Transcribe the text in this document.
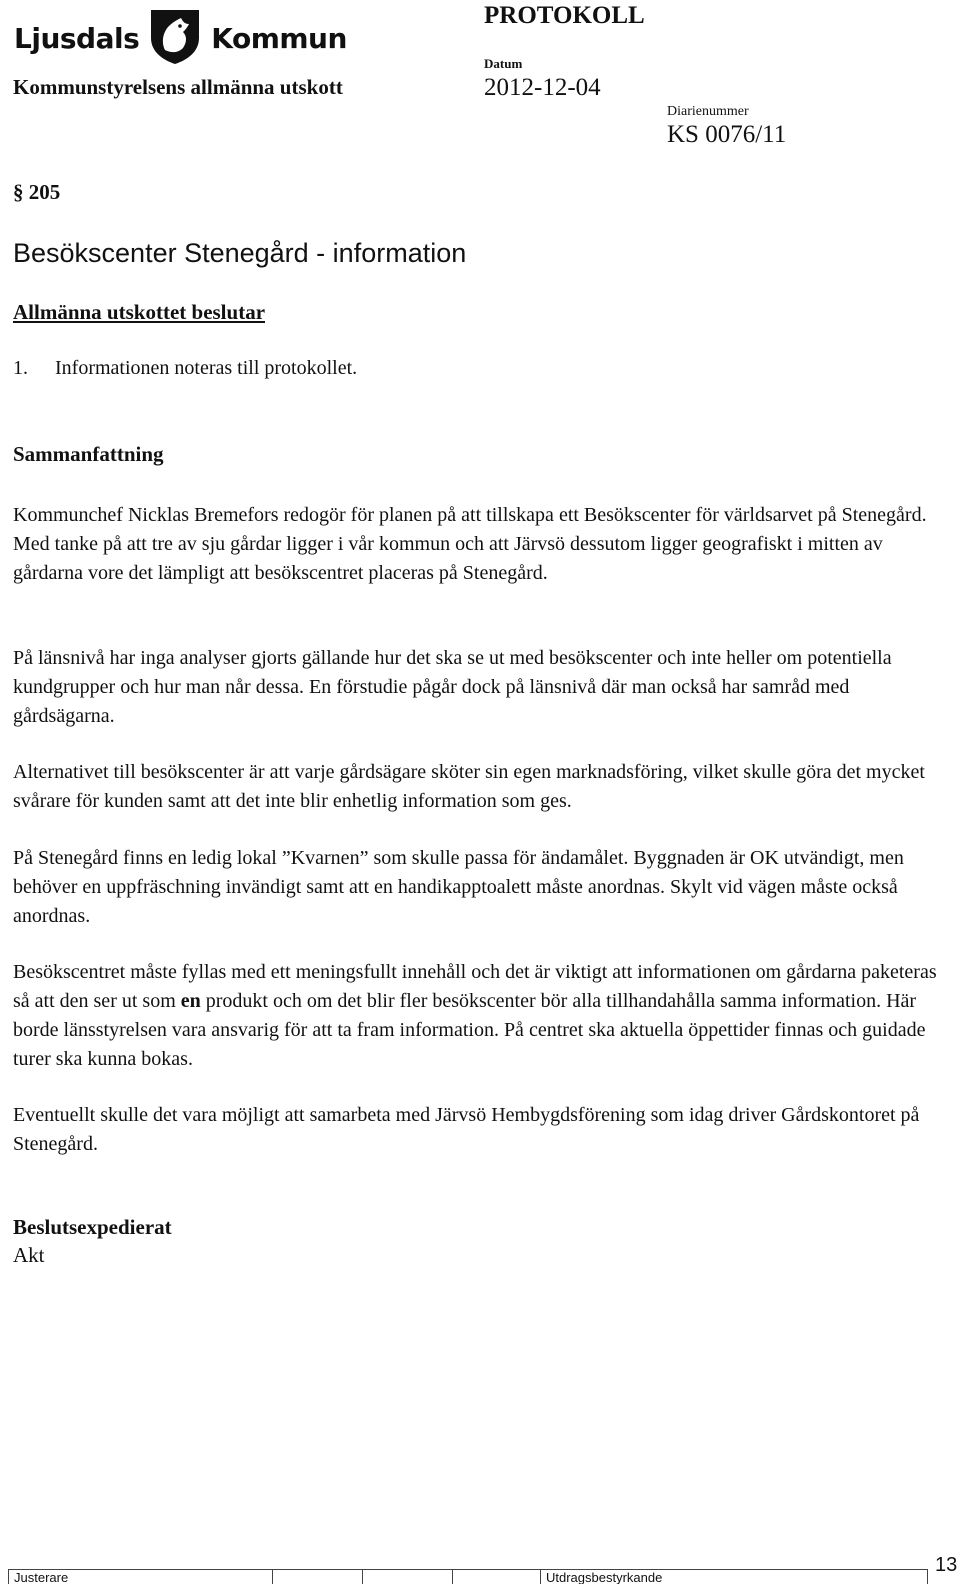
Ljusdals	Kommun
PROTOKOLL
Kommunstyrelsens allmänna utskott
Datum
2012-12-04
Diarienummer
KS 0076/11
§ 205
Besökscenter Stenegård - information
Allmänna utskottet beslutar
1. Informationen noteras till protokollet.
Sammanfattning

Kommunchef Nicklas Bremefors redogör för planen på att tillskapa ett Besökscenter för världsarvet på Stenegård. Med tanke på att tre av sju gårdar ligger i vår kommun och att Järvsö dessutom ligger geografiskt i mitten av gårdarna vore det lämpligt att besökscentret placeras på Stenegård.

På länsnivå har inga analyser gjorts gällande hur det ska se ut med besökscenter och inte heller om potentiella kundgrupper och hur man når dessa. En förstudie pågår dock på länsnivå där man också har samråd med gårdsägarna.

Alternativet till besökscenter är att varje gårdsägare sköter sin egen marknadsföring, vilket skulle göra det mycket svårare för kunden samt att det inte blir enhetlig information som ges.

På Stenegård finns en ledig lokal ”Kvarnen” som skulle passa för ändamålet. Byggnaden är OK utvändigt, men behöver en uppfräschning invändigt samt att en handikapptoalett måste anordnas. Skylt vid vägen måste också anordnas.

Besökscentret måste fyllas med ett meningsfullt innehåll och det är viktigt att informationen om gårdarna paketeras så att den ser ut som en produkt och om det blir fler besökscenter bör alla tillhandahålla samma information. Här borde länsstyrelsen vara ansvarig för att ta fram information. På centret ska aktuella öppettider finnas och guidade turer ska kunna bokas.

Eventuellt skulle det vara möjligt att samarbeta med Järvsö Hembygdsförening som idag driver Gårdskontoret på Stenegård.

Beslutsexpedierat
Akt
Justerare	Utdragsbestyrkande
13
